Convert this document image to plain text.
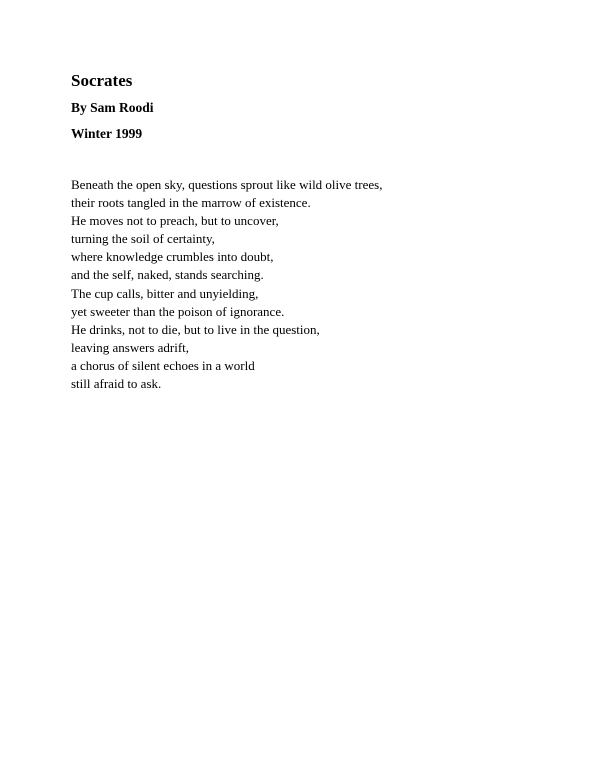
Socrates
By Sam Roodi
Winter 1999
Beneath the open sky, questions sprout like wild olive trees,
their roots tangled in the marrow of existence.
He moves not to preach, but to uncover,
turning the soil of certainty,
where knowledge crumbles into doubt,
and the self, naked, stands searching.
The cup calls, bitter and unyielding,
yet sweeter than the poison of ignorance.
He drinks, not to die, but to live in the question,
leaving answers adrift,
a chorus of silent echoes in a world
still afraid to ask.
